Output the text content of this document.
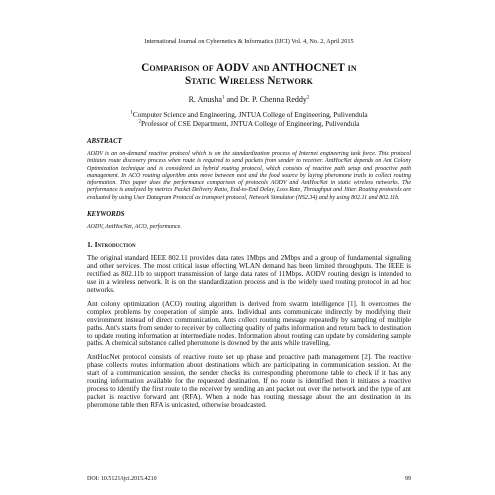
International Journal on Cybernetics & Informatics (IJCI) Vol. 4, No. 2, April 2015
Comparison of AODV and ANTHOCNET in
Static Wireless Network
R. Anusha$^1$ and Dr. P. Chenna Reddy$^2$
$^1$Computer Science and Engineering, JNTUA College of Engineering, Pulivendula
$^2$Professor of CSE Department, JNTUA College of Engineering, Pulivendula
ABSTRACT
AODV is an on-demand reactive protocol which is on the standardization process of Internet engineering task force. This protocol initiates route discovery process when route is required to send packets from sender to receiver. AntHocNet depends on Ant Colony Optimization technique and is considered as hybrid routing protocol, which consists of reactive path setup and proactive path management. In ACO routing algorithm ants move between nest and the food source by laying pheromone trails to collect routing information. This paper does the performance comparison of protocols AODV and AntHocNet in static wireless networks. The performance is analyzed by metrics Packet Delivery Ratio, End-to-End Delay, Loss Rate, Throughput and Jitter. Routing protocols are evaluated by using User Datagram Protocol as transport protocol, Network Simulator (NS2.34) and by using 802.11 and 802.11b.
KEYWORDS
AODV, AntHocNet, ACO, performance.
1. Introduction
The original standard IEEE 802.11 provides data rates 1Mbps and 2Mbps and a group of fundamental signaling and other services. The most critical issue effecting WLAN demand has been limited throughputs. The IEEE is rectified as 802.11b to support transmission of large data rates of 11Mbps. AODV routing design is intended to use in a wireless network. It is on the standardization process and is the widely used routing protocol in ad hoc networks.
Ant colony optimization (ACO) routing algorithm is derived from swarm intelligence [1]. It overcomes the complex problems by cooperation of simple ants. Individual ants communicate indirectly by modifying their environment instead of direct communication. Ants collect routing message repeatedly by sampling of multiple paths. Ant's starts from sender to receiver by collecting quality of paths information and return back to destination to update routing information at intermediate nodes. Information about routing can update by considering sample paths. A chemical substance called pheromone is downed by the ants while travelling.
AntHocNet protocol consists of reactive route set up phase and proactive path management [2]. The reactive phase collects routes information about destinations which are participating in communication session. At the start of a communication session, the sender checks its corresponding pheromone table to check if it has any routing information available for the requested destination. If no route is identified then it initiates a reactive process to identify the first route to the receiver by sending an ant packet out over the network and the type of ant packet is reactive forward ant (RFA). When a node has routing message about the ant destination in its pheromone table then RFA is unicasted, otherwise broadcasted.
DOI: 10.5121/ijci.2015.4210	99
